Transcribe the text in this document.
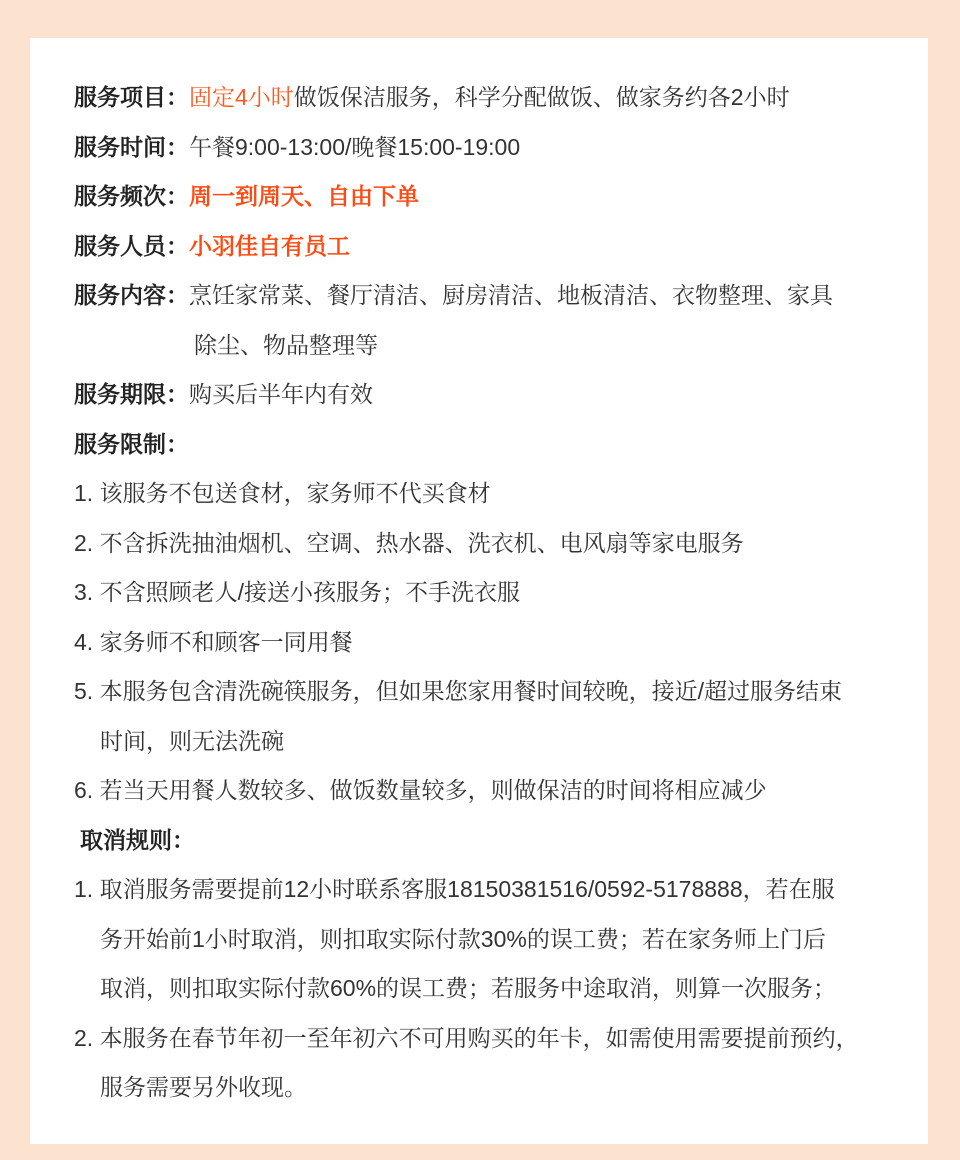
服务项目：固定4小时做饭保洁服务，科学分配做饭、做家务约各2小时
服务时间：午餐9:00-13:00/晚餐15:00-19:00
服务频次：周一到周天、自由下单
服务人员：小羽佳自有员工
服务内容：烹饪家常菜、餐厅清洁、厨房清洁、地板清洁、衣物整理、家具
除尘、物品整理等
服务期限：购买后半年内有效
服务限制：
1. 该服务不包送食材，家务师不代买食材
2. 不含拆洗抽油烟机、空调、热水器、洗衣机、电风扇等家电服务
3. 不含照顾老人/接送小孩服务；不手洗衣服
4. 家务师不和顾客一同用餐
5. 本服务包含清洗碗筷服务，但如果您家用餐时间较晚，接近/超过服务结束
时间，则无法洗碗
6. 若当天用餐人数较多、做饭数量较多，则做保洁的时间将相应减少
取消规则：
1. 取消服务需要提前12小时联系客服18150381516/0592-5178888，若在服
务开始前1小时取消，则扣取实际付款30%的误工费；若在家务师上门后
取消，则扣取实际付款60%的误工费；若服务中途取消，则算一次服务；
2. 本服务在春节年初一至年初六不可用购买的年卡，如需使用需要提前预约，
服务需要另外收现。
